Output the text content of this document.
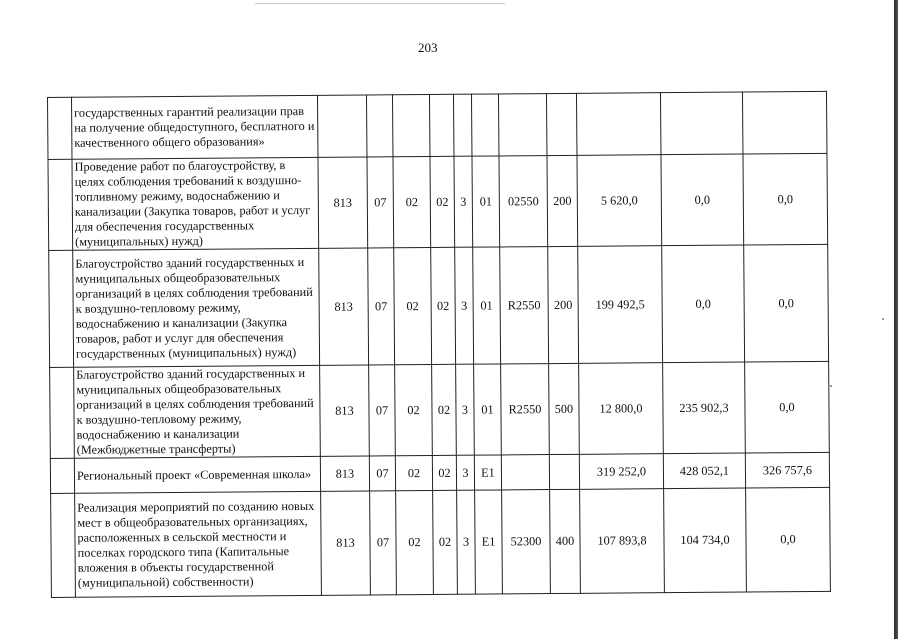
203
	государственных гарантий реализации прав на получение общедоступного, бесплатного и качественного общего образования»											
	Проведение работ по благоустройству, в целях соблюдения требований к воздушно-топливному режиму, водоснабжению и канализации (Закупка товаров, работ и услуг для обеспечения государственных (муниципальных) нужд)	813	07	02	02	3	01	02550	200	5 620,0	0,0	0,0
	Благоустройство зданий государственных и муниципальных общеобразовательных организаций в целях соблюдения требований к воздушно-тепловому режиму, водоснабжению и канализации (Закупка товаров, работ и услуг для обеспечения государственных (муниципальных) нужд)	813	07	02	02	3	01	R2550	200	199 492,5	0,0	0,0
	Благоустройство зданий государственных и муниципальных общеобразовательных организаций в целях соблюдения требований к воздушно-тепловому режиму, водоснабжению и канализации (Межбюджетные трансферты)	813	07	02	02	3	01	R2550	500	12 800,0	235 902,3	0,0
	Региональный проект «Современная школа»	813	07	02	02	3	E1			319 252,0	428 052,1	326 757,6
	Реализация мероприятий по созданию новых мест в общеобразовательных организациях, расположенных в сельской местности и поселках городского типа (Капитальные вложения в объекты государственной (муниципальной) собственности)	813	07	02	02	3	E1	52300	400	107 893,8	104 734,0	0,0
